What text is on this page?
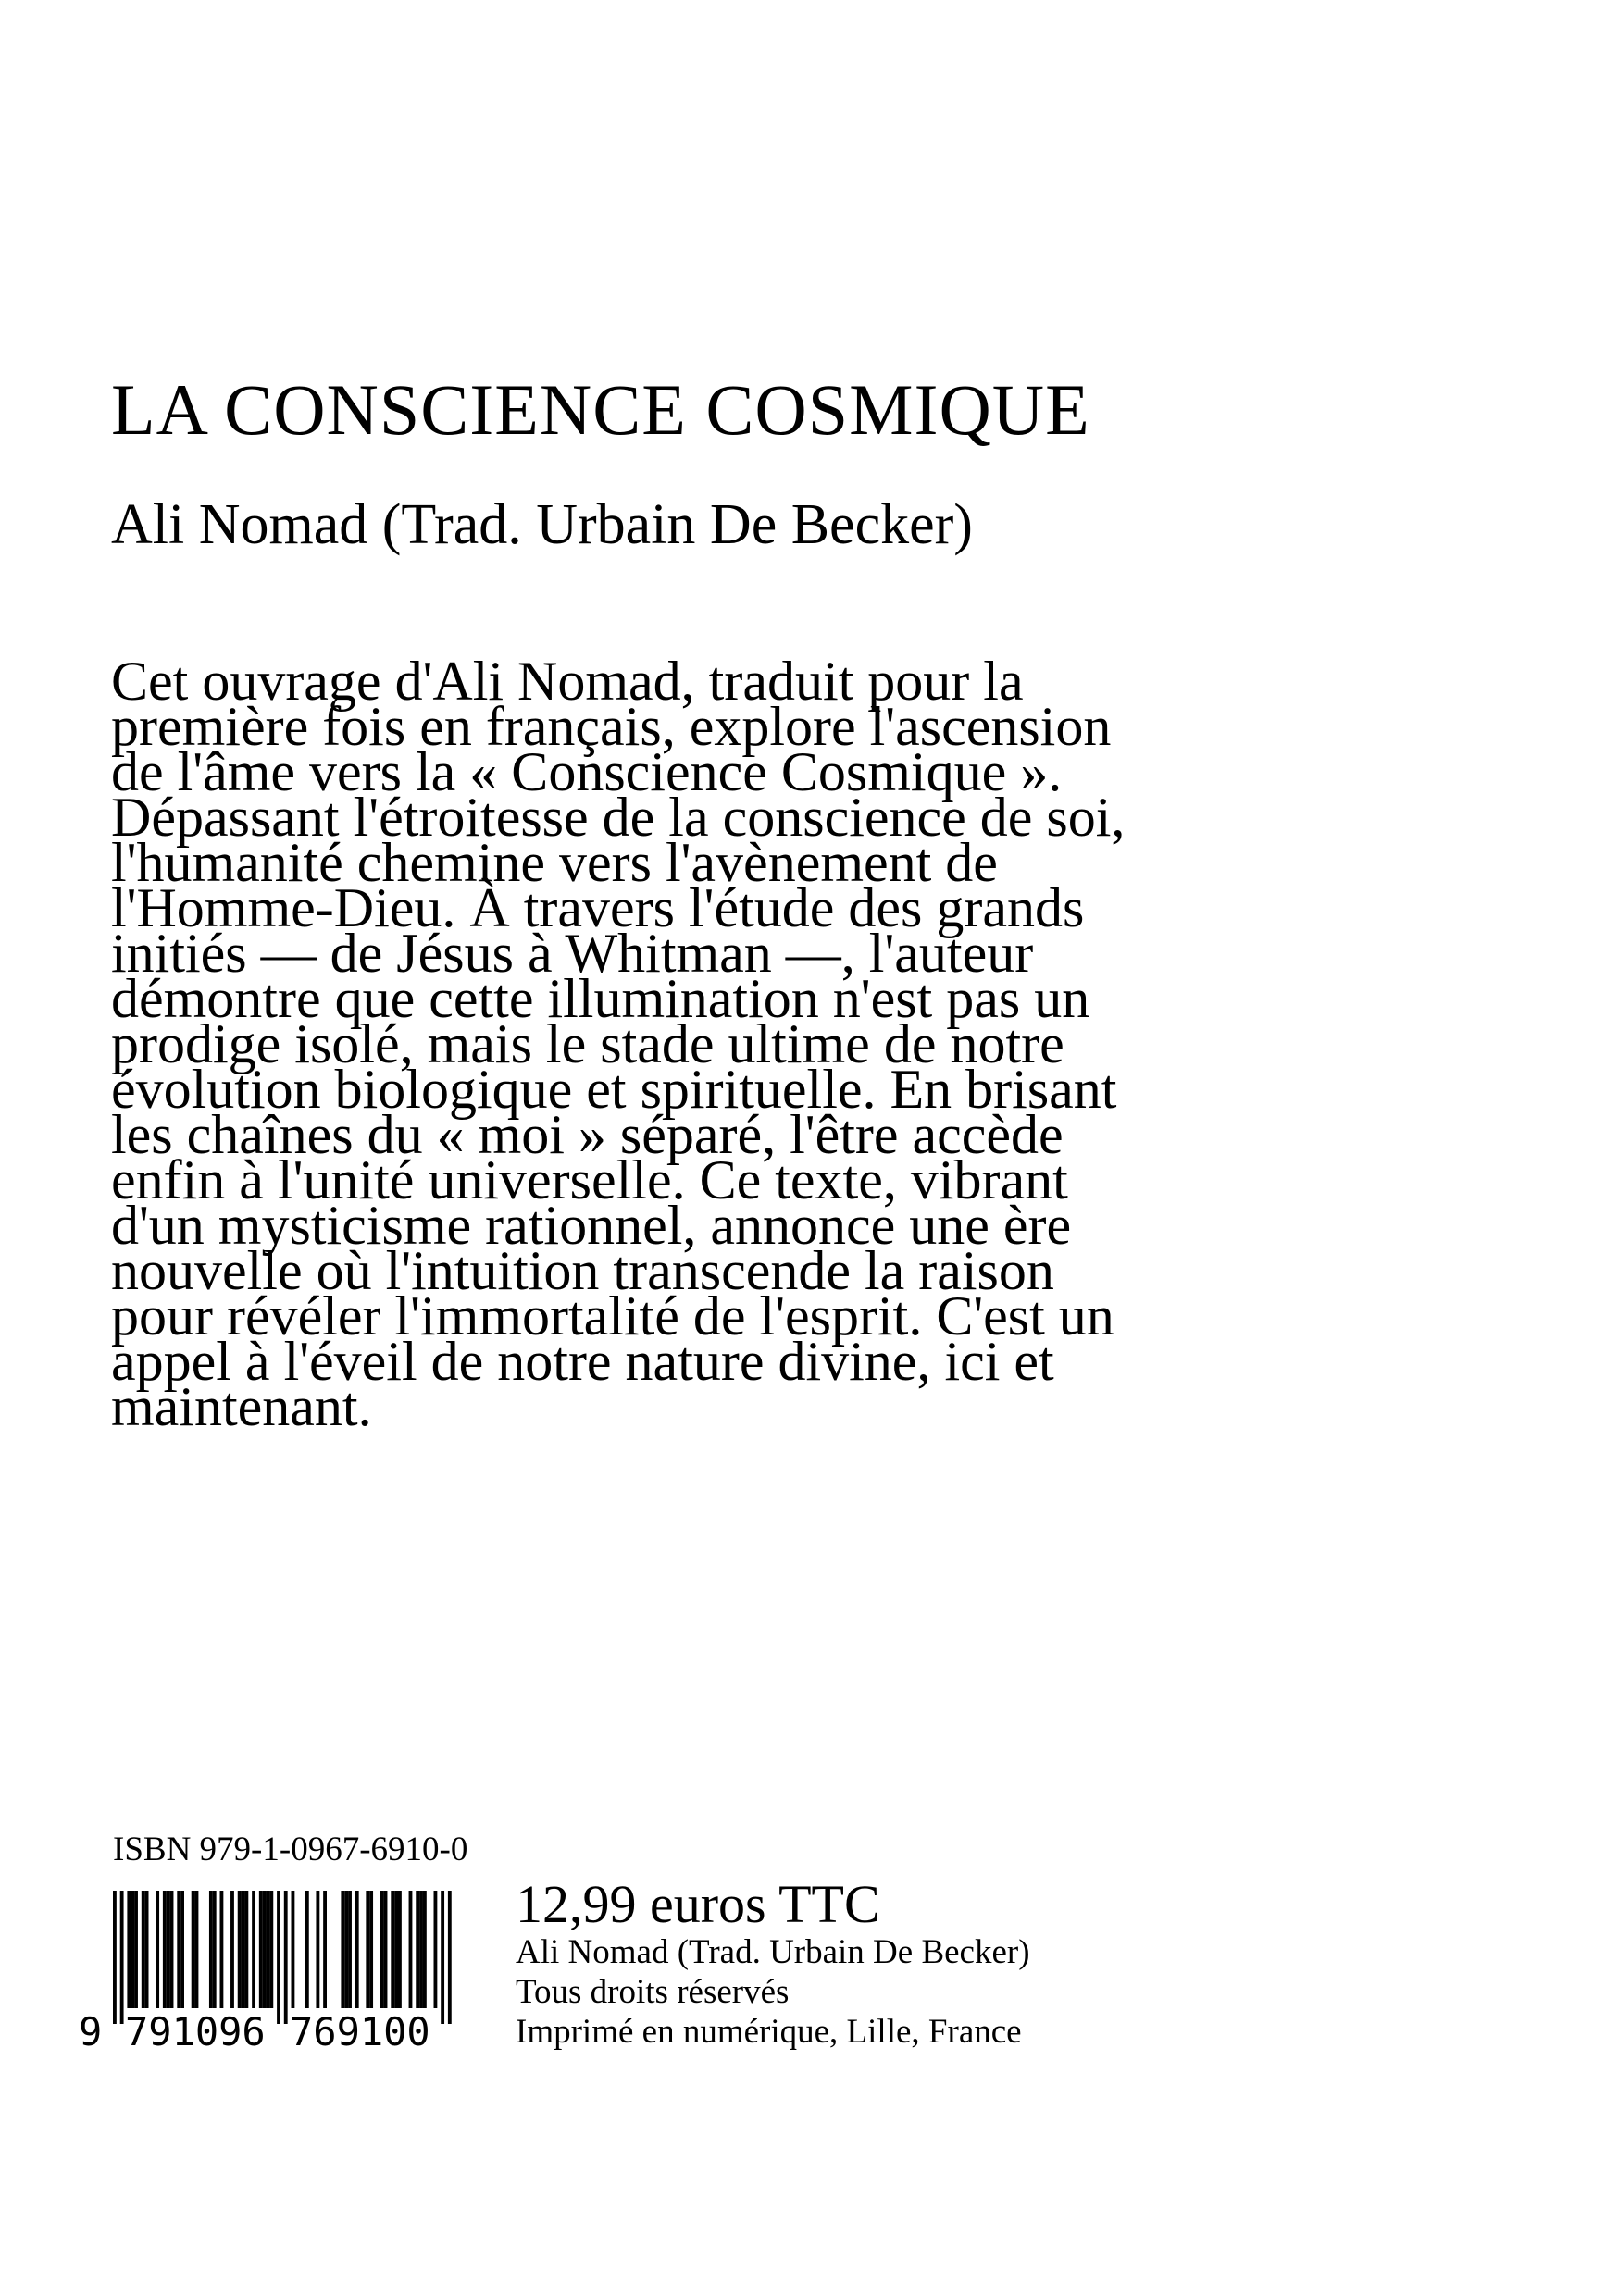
LA CONSCIENCE COSMIQUE
Ali Nomad (Trad. Urbain De Becker)
Cet ouvrage d'Ali Nomad, traduit pour la
première fois en français, explore l'ascension
de l'âme vers la « Conscience Cosmique ».
Dépassant l'étroitesse de la conscience de soi,
l'humanité chemine vers l'avènement de
l'Homme-Dieu. À travers l'étude des grands
initiés — de Jésus à Whitman —, l'auteur
démontre que cette illumination n'est pas un
prodige isolé, mais le stade ultime de notre
évolution biologique et spirituelle. En brisant
les chaînes du « moi » séparé, l'être accède
enfin à l'unité universelle. Ce texte, vibrant
d'un mysticisme rationnel, annonce une ère
nouvelle où l'intuition transcende la raison
pour révéler l'immortalité de l'esprit. C'est un
appel à l'éveil de notre nature divine, ici et
maintenant.
ISBN 979-1-0967-6910-0
9 791096 769100
12,99 euros TTC
Ali Nomad (Trad. Urbain De Becker)
Tous droits réservés
Imprimé en numérique, Lille, France
